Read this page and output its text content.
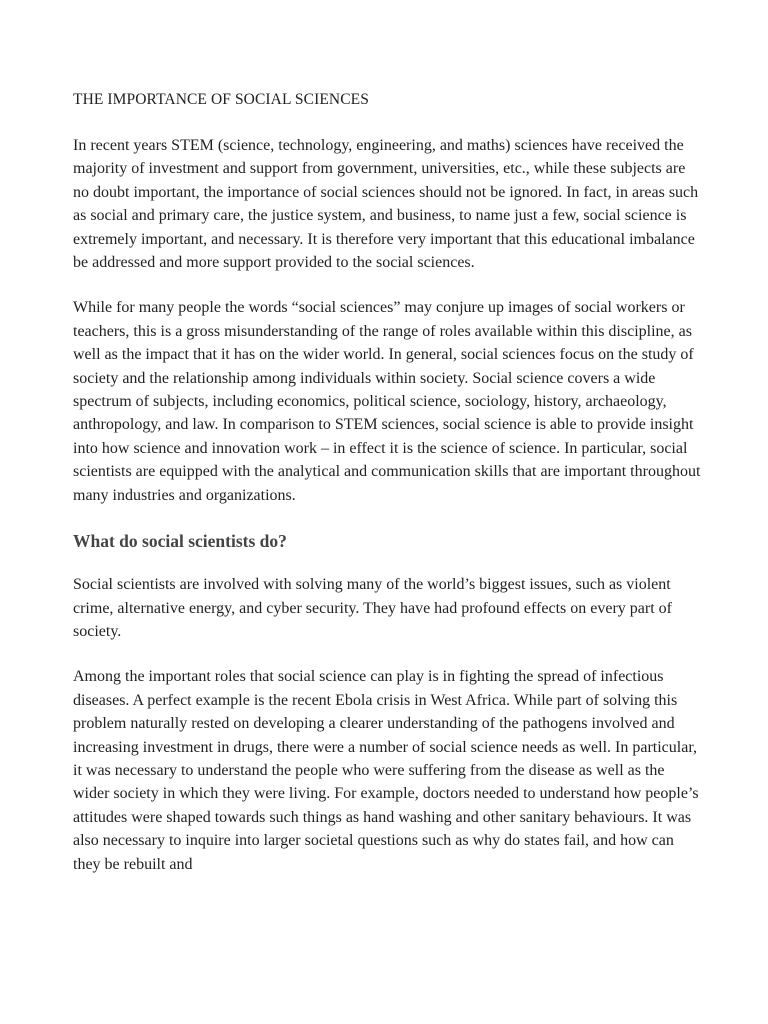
THE IMPORTANCE OF SOCIAL SCIENCES

In recent years STEM (science, technology, engineering, and maths) sciences have received the majority of investment and support from government, universities, etc., while these subjects are no doubt important, the importance of social sciences should not be ignored. In fact, in areas such as social and primary care, the justice system, and business, to name just a few, social science is extremely important, and necessary. It is therefore very important that this educational imbalance be addressed and more support provided to the social sciences.

While for many people the words “social sciences” may conjure up images of social workers or teachers, this is a gross misunderstanding of the range of roles available within this discipline, as well as the impact that it has on the wider world. In general, social sciences focus on the study of society and the relationship among individuals within society. Social science covers a wide spectrum of subjects, including economics, political science, sociology, history, archaeology, anthropology, and law. In comparison to STEM sciences, social science is able to provide insight into how science and innovation work – in effect it is the science of science. In particular, social scientists are equipped with the analytical and communication skills that are important throughout many industries and organizations.

What do social scientists do?

Social scientists are involved with solving many of the world’s biggest issues, such as violent crime, alternative energy, and cyber security. They have had profound effects on every part of society.

Among the important roles that social science can play is in fighting the spread of infectious diseases. A perfect example is the recent Ebola crisis in West Africa. While part of solving this problem naturally rested on developing a clearer understanding of the pathogens involved and increasing investment in drugs, there were a number of social science needs as well. In particular, it was necessary to understand the people who were suffering from the disease as well as the wider society in which they were living. For example, doctors needed to understand how people’s attitudes were shaped towards such things as hand washing and other sanitary behaviours. It was also necessary to inquire into larger societal questions such as why do states fail, and how can they be rebuilt and
